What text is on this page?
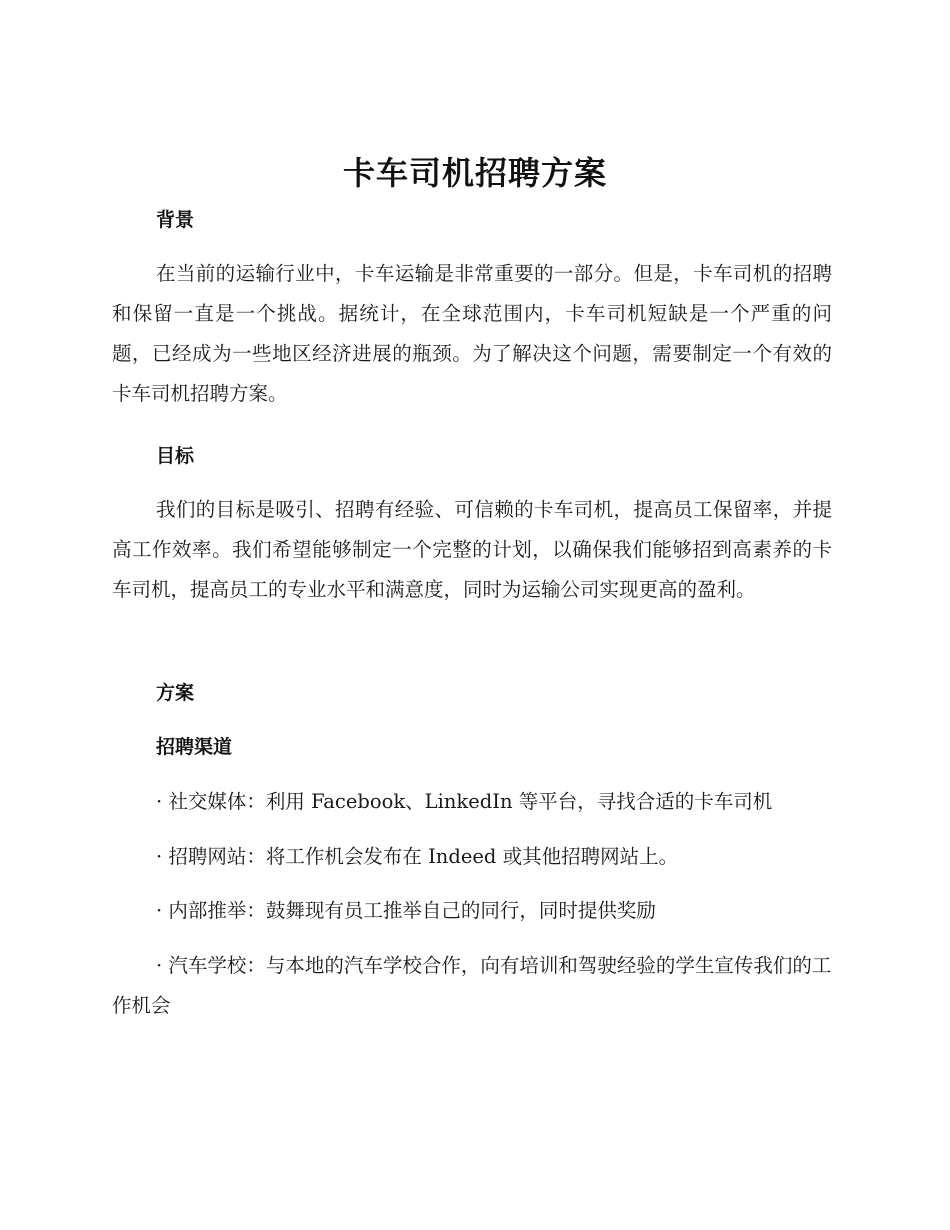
卡车司机招聘方案
背景
在当前的运输行业中，卡车运输是非常重要的一部分。但是，卡车司机的招聘和保留一直是一个挑战。据统计，在全球范围内，卡车司机短缺是一个严重的问题，已经成为一些地区经济进展的瓶颈。为了解决这个问题，需要制定一个有效的卡车司机招聘方案。
目标
我们的目标是吸引、招聘有经验、可信赖的卡车司机，提高员工保留率，并提高工作效率。我们希望能够制定一个完整的计划，以确保我们能够招到高素养的卡车司机，提高员工的专业水平和满意度，同时为运输公司实现更高的盈利。
方案
招聘渠道
· 社交媒体：利用 Facebook、LinkedIn 等平台，寻找合适的卡车司机
· 招聘网站：将工作机会发布在 Indeed 或其他招聘网站上。
· 内部推举：鼓舞现有员工推举自己的同行，同时提供奖励
· 汽车学校：与本地的汽车学校合作，向有培训和驾驶经验的学生宣传我们的工作机会
